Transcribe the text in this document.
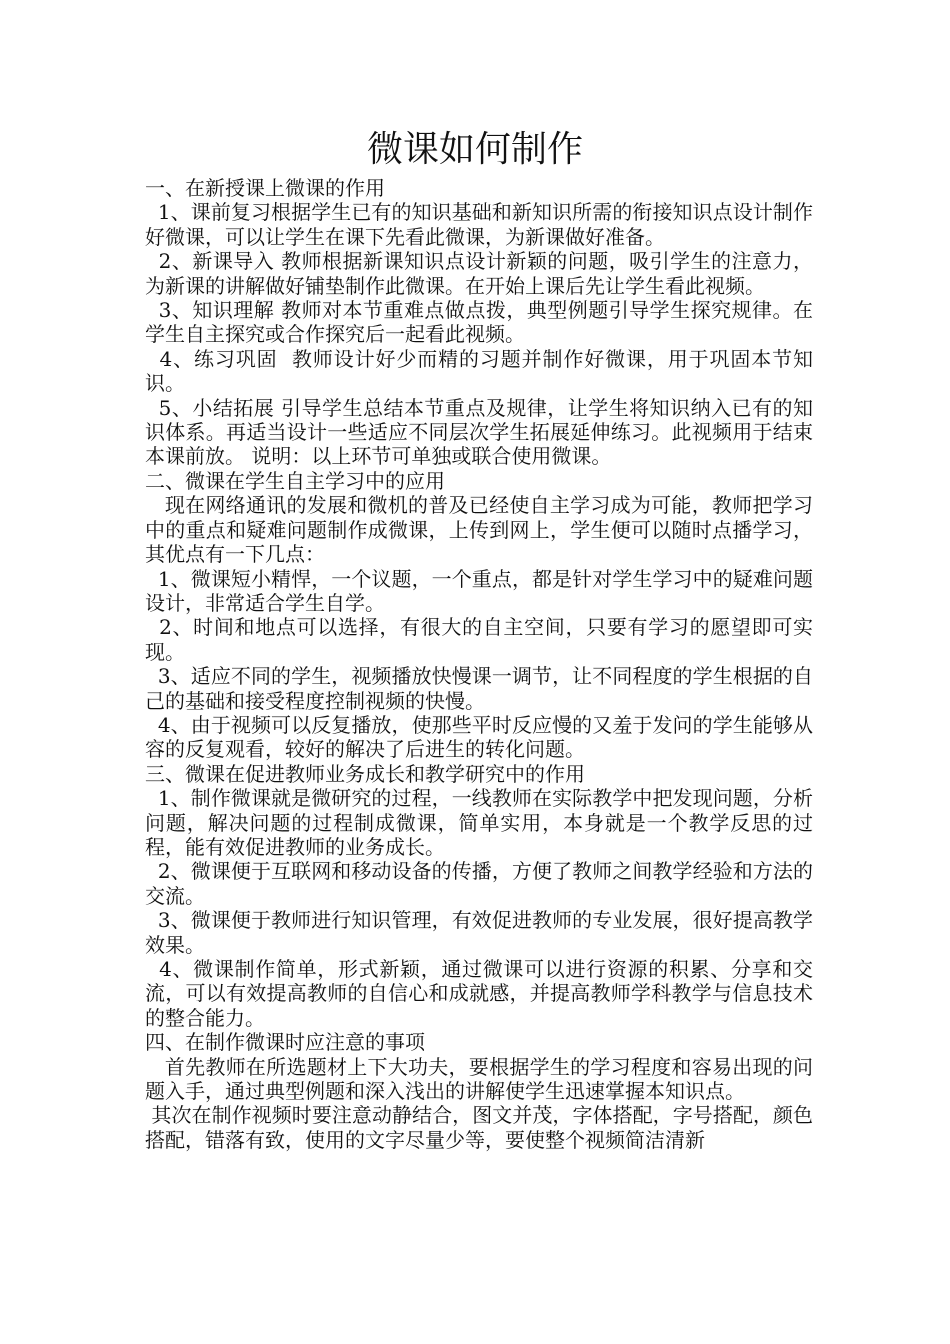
微课如何制作

一、在新授课上微课的作用

1、课前复习根据学生已有的知识基础和新知识所需的衔接知识点设计制作好微课，可以让学生在课下先看此微课，为新课做好准备。

2、新课导入 教师根据新课知识点设计新颖的问题，吸引学生的注意力，为新课的讲解做好铺垫制作此微课。在开始上课后先让学生看此视频。

3、知识理解 教师对本节重难点做点拨，典型例题引导学生探究规律。在学生自主探究或合作探究后一起看此视频。

4、练习巩固  教师设计好少而精的习题并制作好微课，用于巩固本节知识。

5、小结拓展 引导学生总结本节重点及规律，让学生将知识纳入已有的知识体系。再适当设计一些适应不同层次学生拓展延伸练习。此视频用于结束本课前放。 说明：以上环节可单独或联合使用微课。

二、微课在学生自主学习中的应用

现在网络通讯的发展和微机的普及已经使自主学习成为可能，教师把学习中的重点和疑难问题制作成微课，上传到网上，学生便可以随时点播学习，其优点有一下几点：

1、微课短小精悍，一个议题，一个重点，都是针对学生学习中的疑难问题设计，非常适合学生自学。

2、时间和地点可以选择，有很大的自主空间，只要有学习的愿望即可实现。

3、适应不同的学生，视频播放快慢课一调节，让不同程度的学生根据的自己的基础和接受程度控制视频的快慢。

4、由于视频可以反复播放，使那些平时反应慢的又羞于发问的学生能够从容的反复观看，较好的解决了后进生的转化问题。

三、微课在促进教师业务成长和教学研究中的作用

1、制作微课就是微研究的过程，一线教师在实际教学中把发现问题，分析问题，解决问题的过程制成微课，简单实用，本身就是一个教学反思的过程，能有效促进教师的业务成长。

2、微课便于互联网和移动设备的传播，方便了教师之间教学经验和方法的交流。

3、微课便于教师进行知识管理，有效促进教师的专业发展，很好提高教学效果。

4、微课制作简单，形式新颖，通过微课可以进行资源的积累、分享和交流，可以有效提高教师的自信心和成就感，并提高教师学科教学与信息技术的整合能力。

四、在制作微课时应注意的事项

首先教师在所选题材上下大功夫，要根据学生的学习程度和容易出现的问题入手，通过典型例题和深入浅出的讲解使学生迅速掌握本知识点。

其次在制作视频时要注意动静结合，图文并茂，字体搭配，字号搭配，颜色搭配，错落有致，使用的文字尽量少等，要使整个视频简洁清新
